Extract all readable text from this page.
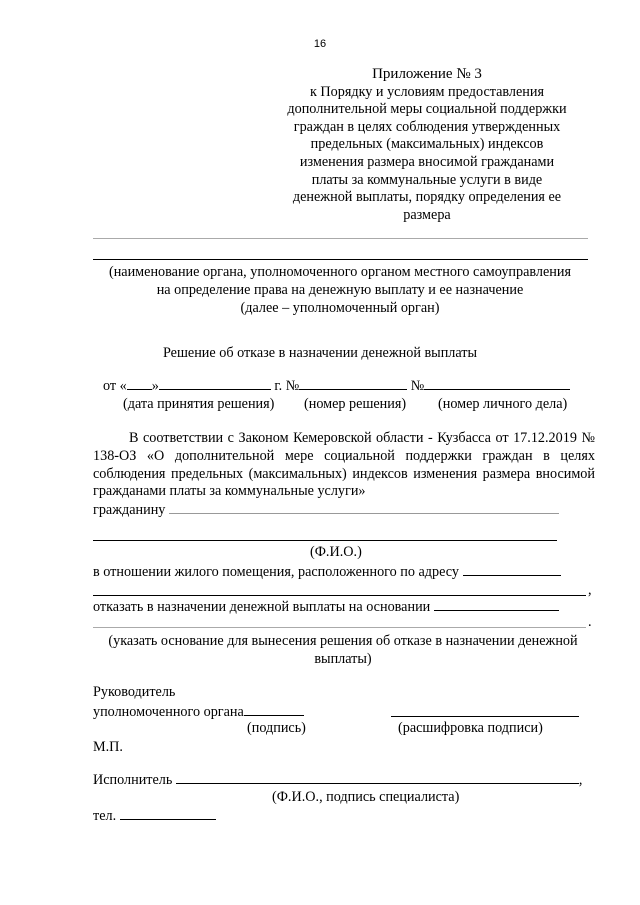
16
Приложение № 3
к Порядку и условиям предоставления
дополнительной меры социальной поддержки
граждан в целях соблюдения утвержденных
предельных (максимальных) индексов
изменения размера вносимой гражданами
платы за коммунальные услуги в виде
денежной выплаты, порядку определения ее
размера
(наименование органа, уполномоченного органом местного самоуправления
на определение права на денежную выплату и ее назначение
(далее – уполномоченный орган)
Решение об отказе в назначении денежной выплаты
от « »	г. №	№
(дата принятия решения) (номер решения) (номер личного дела)
В соответствии с Законом Кемеровской области - Кузбасса от 17.12.2019 № 138-ОЗ «О дополнительной мере социальной поддержки граждан в целях соблюдения предельных (максимальных) индексов изменения размера вносимой гражданами платы за коммунальные услуги»
гражданину
(Ф.И.О.)
в отношении жилого помещения, расположенного по адресу
,
отказать в назначении денежной выплаты на основании
.
(указать основание для вынесения решения об отказе в назначении денежной
выплаты)
Руководитель
уполномоченного органа
(подпись)	(расшифровка подписи)
М.П.
Исполнитель	,
(Ф.И.О., подпись специалиста)
тел.
